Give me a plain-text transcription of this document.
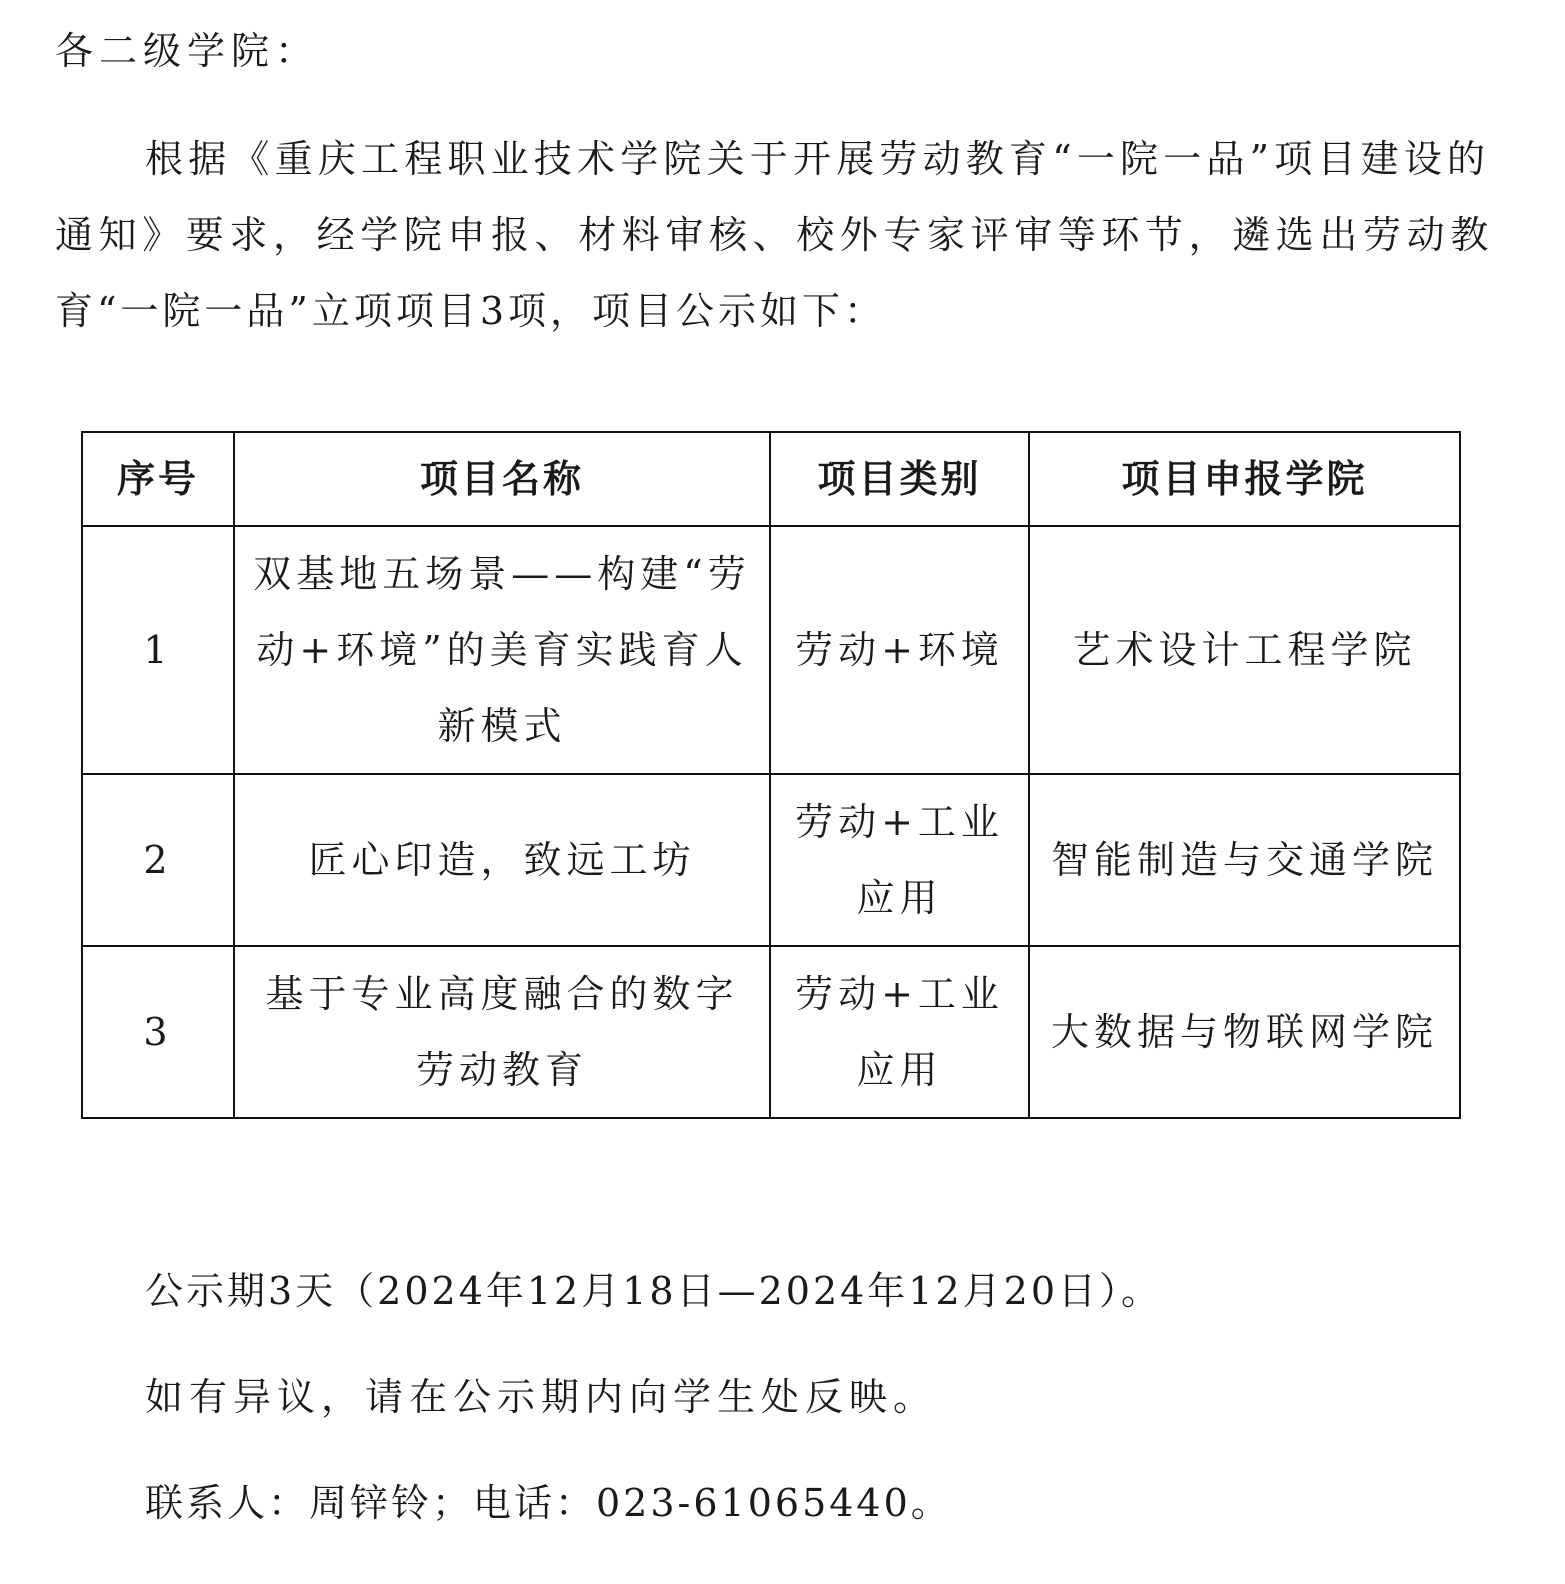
各二级学院：
根据《重庆工程职业技术学院关于开展劳动教育“一院一品”项目建设的
通知》要求，经学院申报、材料审核、校外专家评审等环节，遴选出劳动教
育“一院一品”立项项目3项，项目公示如下：
序号	项目名称	项目类别	项目申报学院
1	双基地五场景——构建“劳动+环境”的美育实践育人新模式	劳动+环境	艺术设计工程学院
2	匠心印造，致远工坊	劳动+工业应用	智能制造与交通学院
3	基于专业高度融合的数字劳动教育	劳动+工业应用	大数据与物联网学院
公示期3天（2024年12月18日—2024年12月20日）。
如有异议，请在公示期内向学生处反映。
联系人：周锌铃；电话：023-61065440。
